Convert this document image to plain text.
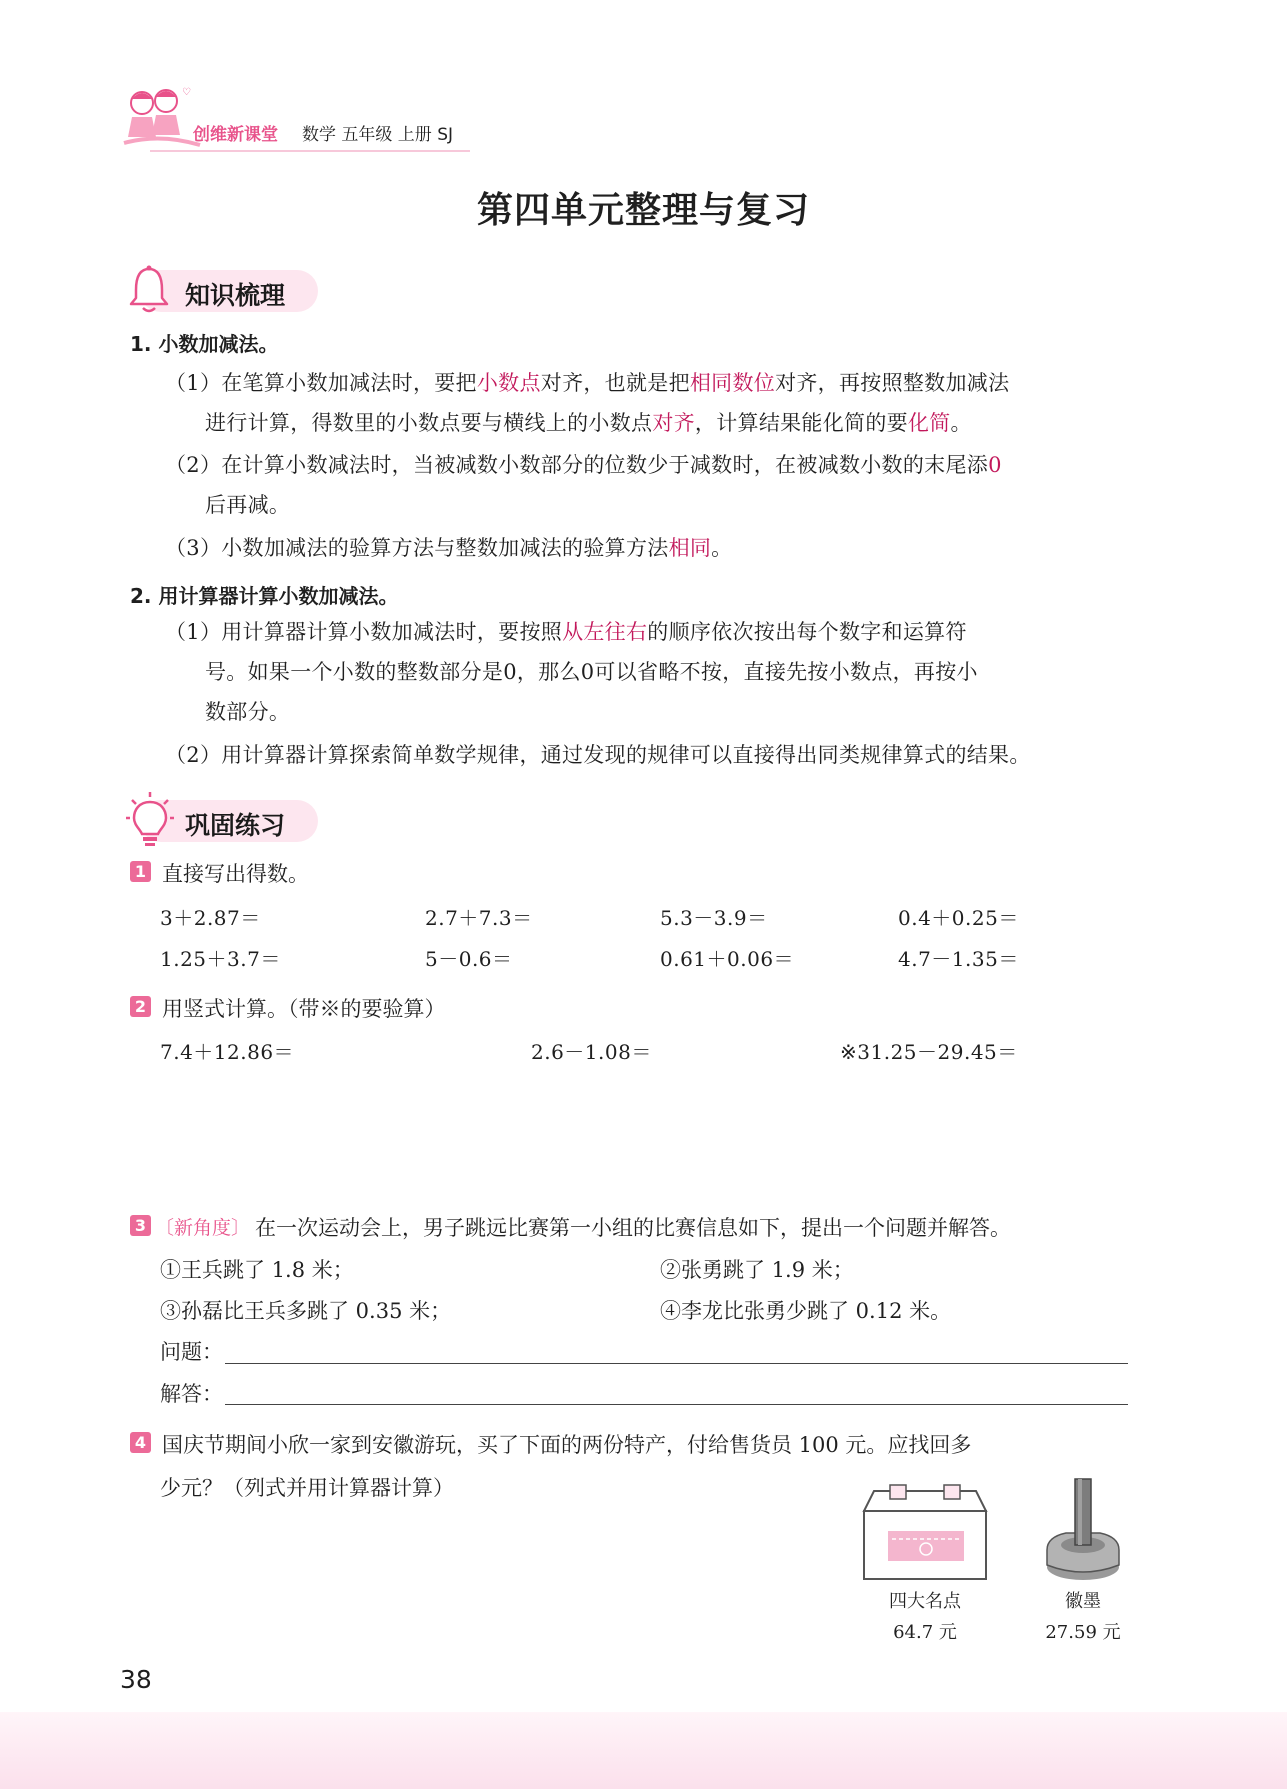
♡
创维新课堂 数学 五年级 上册 SJ
第四单元整理与复习
知识梳理
1. 小数加减法。
（1）在笔算小数加减法时，要把小数点对齐，也就是把相同数位对齐，再按照整数加减法
进行计算，得数里的小数点要与横线上的小数点对齐，计算结果能化简的要化简。
（2）在计算小数减法时，当被减数小数部分的位数少于减数时，在被减数小数的末尾添0
后再减。
（3）小数加减法的验算方法与整数加减法的验算方法相同。
2. 用计算器计算小数加减法。
（1）用计算器计算小数加减法时，要按照从左往右的顺序依次按出每个数字和运算符
号。如果一个小数的整数部分是0，那么0可以省略不按，直接先按小数点，再按小
数部分。
（2）用计算器计算探索简单数学规律，通过发现的规律可以直接得出同类规律算式的结果。
巩固练习
1 直接写出得数。
3＋2.87＝	2.7＋7.3＝	5.3－3.9＝	0.4＋0.25＝
1.25＋3.7＝	5－0.6＝	0.61＋0.06＝	4.7－1.35＝
2 用竖式计算。（带※的要验算）
7.4＋12.86＝	2.6－1.08＝	※31.25－29.45＝
3 〔新角度〕 在一次运动会上，男子跳远比赛第一小组的比赛信息如下，提出一个问题并解答。
①王兵跳了 1.8 米；	②张勇跳了 1.9 米；
③孙磊比王兵多跳了 0.35 米；	④李龙比张勇少跳了 0.12 米。
问题：
解答：
4 国庆节期间小欣一家到安徽游玩，买了下面的两份特产，付给售货员 100 元。应找回多
少元？（列式并用计算器计算）
四大名点
64.7 元
徽墨
27.59 元
38
